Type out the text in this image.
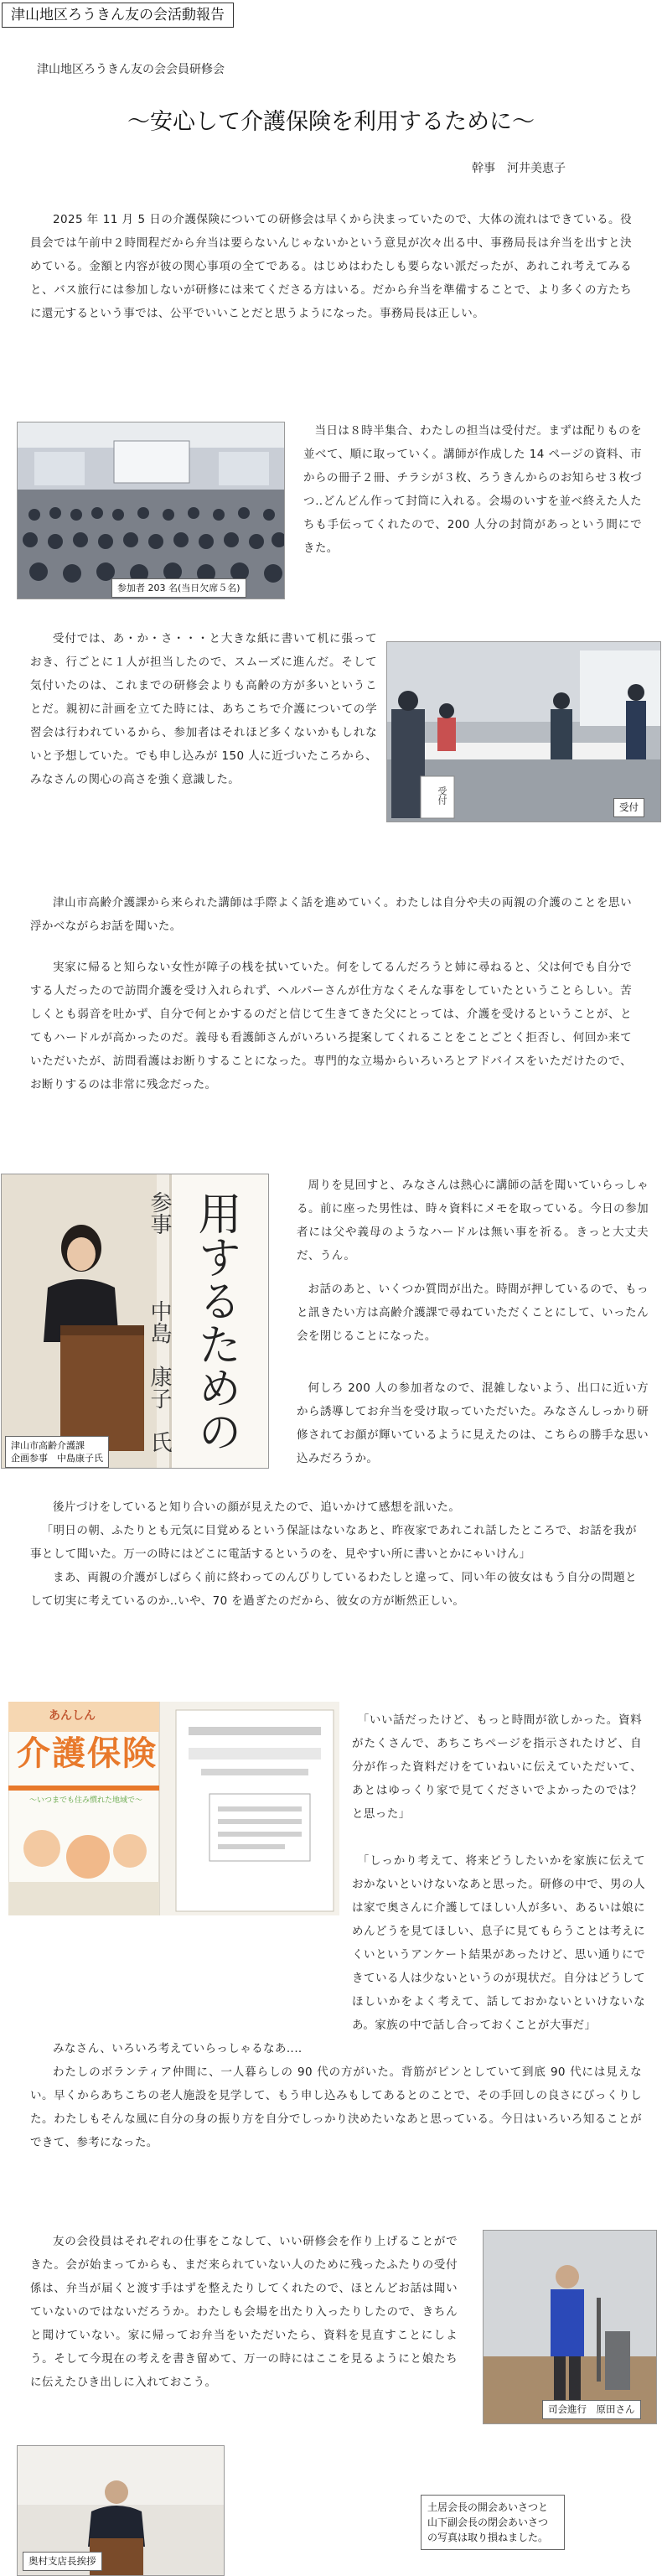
津山地区ろうきん友の会活動報告
津山地区ろうきん友の会会員研修会
～安心して介護保険を利用するために～
幹事　河井美恵子
2025 年 11 月 5 日の介護保険についての研修会は早くから決まっていたので、大体の流れはできている。役員会では午前中２時間程だから弁当は要らないんじゃないかという意見が次々出る中、事務局長は弁当を出すと決めている。金額と内容が彼の関心事項の全てである。はじめはわたしも要らない派だったが、あれこれ考えてみると、バス旅行には参加しないが研修には来てくださる方はいる。だから弁当を準備することで、より多くの方たちに還元するという事では、公平でいいことだと思うようになった。事務局長は正しい。
参加者 203 名(当日欠席５名)
当日は８時半集合、わたしの担当は受付だ。まずは配りものを並べて、順に取っていく。講師が作成した 14 ページの資料、市からの冊子２冊、チラシが３枚、ろうきんからのお知らせ３枚づつ‥どんどん作って封筒に入れる。会場のいすを並べ終えた人たちも手伝ってくれたので、200 人分の封筒があっという間にできた。
受付では、あ・か・さ・・・と大きな紙に書いて机に張っておき、行ごとに１人が担当したので、スムーズに進んだ。そして気付いたのは、これまでの研修会よりも高齢の方が多いということだ。親初に計画を立てた時には、あちこちで介護についての学習会は行われているから、参加者はそれほど多くないかもしれないと予想していた。でも申し込みが 150 人に近づいたころから、みなさんの関心の高さを強く意識した。
受付
受付
津山市高齢介護課から来られた講師は手際よく話を進めていく。わたしは自分や夫の両親の介護のことを思い浮かべながらお話を聞いた。
実家に帰ると知らない女性が障子の桟を拭いていた。何をしてるんだろうと姉に尋ねると、父は何でも自分でする人だったので訪問介護を受け入れられず、ヘルパーさんが仕方なくそんな事をしていたということらしい。苦しくとも弱音を吐かず、自分で何とかするのだと信じて生きてきた父にとっては、介護を受けるということが、とてもハードルが高かったのだ。義母も看護師さんがいろいろ提案してくれることをことごとく拒否し、何回か来ていただいたが、訪問看護はお断りすることになった。専門的な立場からいろいろとアドバイスをいただけたので、お断りするのは非常に残念だった。
用するための
参事
中島　康子　氏
津山市高齢介護課
企画参事　中島康子氏
周りを見回すと、みなさんは熱心に講師の話を聞いていらっしゃる。前に座った男性は、時々資料にメモを取っている。今日の参加者には父や義母のようなハードルは無い事を祈る。きっと大丈夫だ、うん。
お話のあと、いくつか質問が出た。時間が押しているので、もっと訊きたい方は高齢介護課で尋ねていただくことにして、いったん会を閉じることになった。
何しろ 200 人の参加者なので、混雑しないよう、出口に近い方から誘導してお弁当を受け取っていただいた。みなさんしっかり研修されてお顔が輝いているように見えたのは、こちらの勝手な思い込みだろうか。

後片づけをしていると知り合いの顔が見えたので、追いかけて感想を訊いた。

「明日の朝、ふたりとも元気に目覚めるという保証はないなあと、昨夜家であれこれ話したところで、お話を我が事として聞いた。万一の時にはどこに電話するというのを、見やすい所に書いとかにゃいけん」

まあ、両親の介護がしばらく前に終わってのんびりしているわたしと違って、同い年の彼女はもう自分の問題として切実に考えているのか‥いや、70 を過ぎたのだから、彼女の方が断然正しい。

あんしん
介護保険
～いつまでも住み慣れた地域で～
「いい話だったけど、もっと時間が欲しかった。資料がたくさんで、あちこちページを指示されたけど、自分が作った資料だけをていねいに伝えていただいて、あとはゆっくり家で見てくださいでよかったのでは？と思った」

「しっかり考えて、将来どうしたいかを家族に伝えておかないといけないなあと思った。研修の中で、男の人は家で奥さんに介護してほしい人が多い、あるいは娘にめんどうを見てほしい、息子に見てもらうことは考えにくいというアンケート結果があったけど、思い通りにできている人は少ないというのが現状だ。自分はどうしてほしいかをよく考えて、話しておかないといけないなあ。家族の中で話し合っておくことが大事だ」

みなさん、いろいろ考えていらっしゃるなあ‥‥

わたしのボランティア仲間に、一人暮らしの 90 代の方がいた。背筋がピンとしていて到底 90 代には見えない。早くからあちこちの老人施設を見学して、もう申し込みもしてあるとのことで、その手回しの良さにびっくりした。わたしもそんな風に自分の身の振り方を自分でしっかり決めたいなあと思っている。今日はいろいろ知ることができて、参考になった。

友の会役員はそれぞれの仕事をこなして、いい研修会を作り上げることができた。会が始まってからも、まだ来られていない人のために残ったふたりの受付係は、弁当が届くと渡す手はずを整えたりしてくれたので、ほとんどお話は聞いていないのではないだろうか。わたしも会場を出たり入ったりしたので、きちんと聞けていない。家に帰ってお弁当をいただいたら、資料を見直すことにしよう。そして今現在の考えを書き留めて、万一の時にはここを見るようにと娘たちに伝えたひき出しに入れておこう。
司会進行　原田さん
奥村支店長挨拶
土居会長の開会あいさつと
山下副会長の閉会あいさつ
の写真は取り損ねました。
